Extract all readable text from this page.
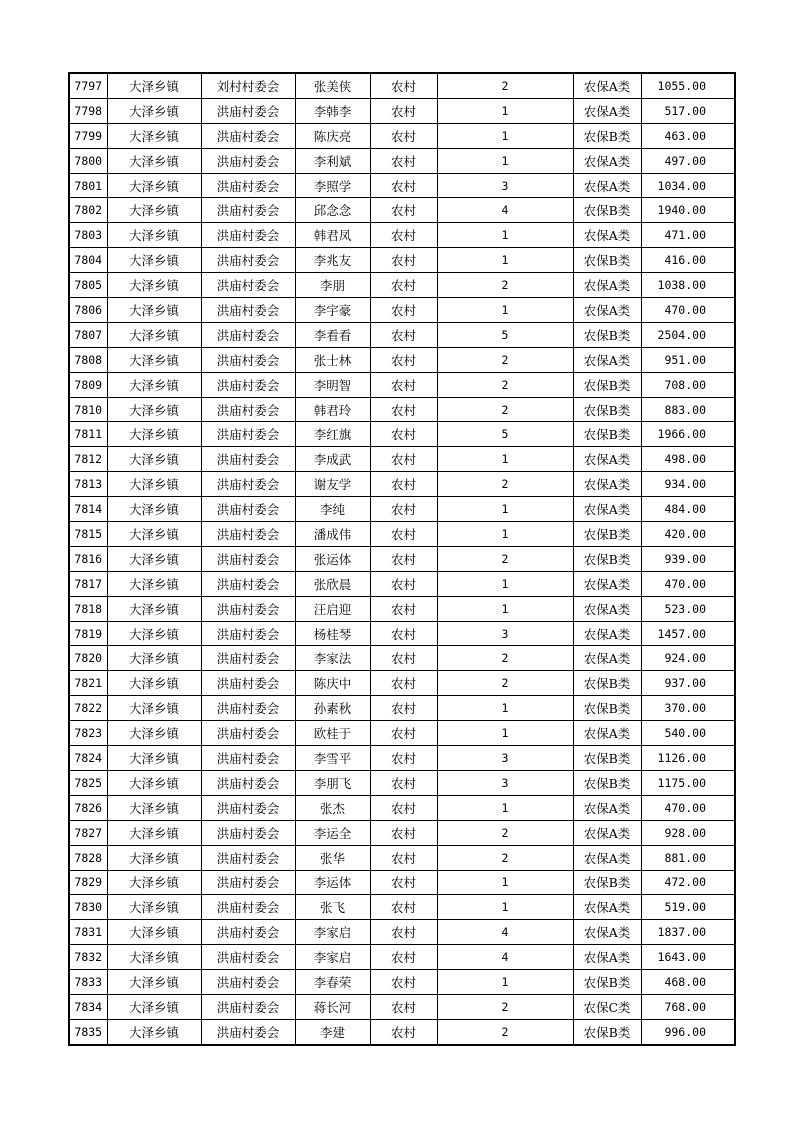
7797	大泽乡镇	刘村村委会	张美侠	农村	2	农保A类	1055.00
7798	大泽乡镇	洪庙村委会	李韩李	农村	1	农保A类	517.00
7799	大泽乡镇	洪庙村委会	陈庆亮	农村	1	农保B类	463.00
7800	大泽乡镇	洪庙村委会	李利斌	农村	1	农保A类	497.00
7801	大泽乡镇	洪庙村委会	李照学	农村	3	农保A类	1034.00
7802	大泽乡镇	洪庙村委会	邱念念	农村	4	农保B类	1940.00
7803	大泽乡镇	洪庙村委会	韩君凤	农村	1	农保A类	471.00
7804	大泽乡镇	洪庙村委会	李兆友	农村	1	农保B类	416.00
7805	大泽乡镇	洪庙村委会	李朋	农村	2	农保A类	1038.00
7806	大泽乡镇	洪庙村委会	李宇豪	农村	1	农保A类	470.00
7807	大泽乡镇	洪庙村委会	李看看	农村	5	农保B类	2504.00
7808	大泽乡镇	洪庙村委会	张士林	农村	2	农保A类	951.00
7809	大泽乡镇	洪庙村委会	李明智	农村	2	农保B类	708.00
7810	大泽乡镇	洪庙村委会	韩君玲	农村	2	农保B类	883.00
7811	大泽乡镇	洪庙村委会	李红旗	农村	5	农保B类	1966.00
7812	大泽乡镇	洪庙村委会	李成武	农村	1	农保A类	498.00
7813	大泽乡镇	洪庙村委会	谢友学	农村	2	农保A类	934.00
7814	大泽乡镇	洪庙村委会	李纯	农村	1	农保A类	484.00
7815	大泽乡镇	洪庙村委会	潘成伟	农村	1	农保B类	420.00
7816	大泽乡镇	洪庙村委会	张运体	农村	2	农保B类	939.00
7817	大泽乡镇	洪庙村委会	张欣晨	农村	1	农保A类	470.00
7818	大泽乡镇	洪庙村委会	汪启迎	农村	1	农保A类	523.00
7819	大泽乡镇	洪庙村委会	杨桂琴	农村	3	农保A类	1457.00
7820	大泽乡镇	洪庙村委会	李家法	农村	2	农保A类	924.00
7821	大泽乡镇	洪庙村委会	陈庆中	农村	2	农保B类	937.00
7822	大泽乡镇	洪庙村委会	孙素秋	农村	1	农保B类	370.00
7823	大泽乡镇	洪庙村委会	欧桂于	农村	1	农保A类	540.00
7824	大泽乡镇	洪庙村委会	李雪平	农村	3	农保B类	1126.00
7825	大泽乡镇	洪庙村委会	李朋飞	农村	3	农保B类	1175.00
7826	大泽乡镇	洪庙村委会	张杰	农村	1	农保A类	470.00
7827	大泽乡镇	洪庙村委会	李运全	农村	2	农保A类	928.00
7828	大泽乡镇	洪庙村委会	张华	农村	2	农保A类	881.00
7829	大泽乡镇	洪庙村委会	李运体	农村	1	农保B类	472.00
7830	大泽乡镇	洪庙村委会	张飞	农村	1	农保A类	519.00
7831	大泽乡镇	洪庙村委会	李家启	农村	4	农保A类	1837.00
7832	大泽乡镇	洪庙村委会	李家启	农村	4	农保A类	1643.00
7833	大泽乡镇	洪庙村委会	李春荣	农村	1	农保B类	468.00
7834	大泽乡镇	洪庙村委会	蒋长河	农村	2	农保C类	768.00
7835	大泽乡镇	洪庙村委会	李建	农村	2	农保B类	996.00
